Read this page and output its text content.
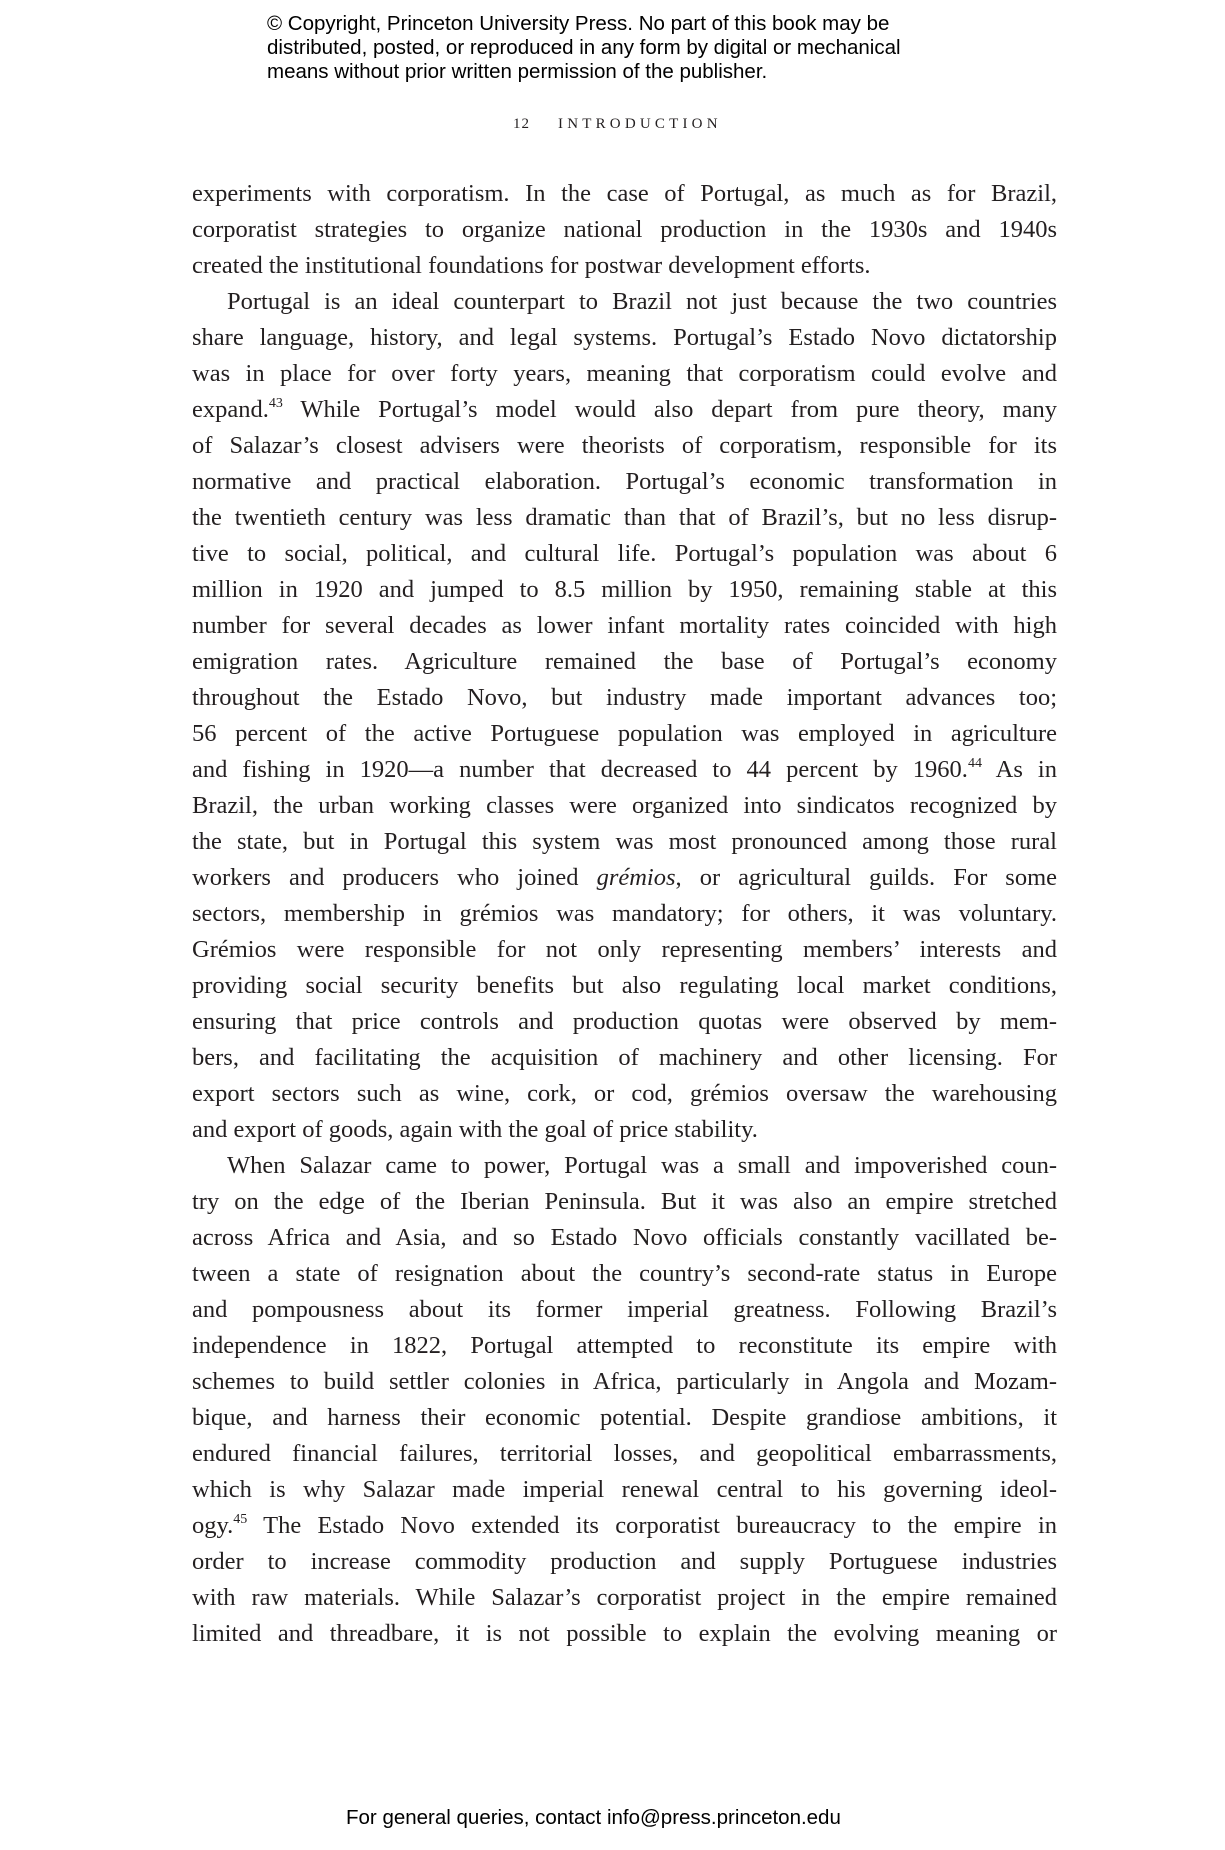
© Copyright, Princeton University Press. No part of this book may be
distributed, posted, or reproduced in any form by digital or mechanical
means without prior written permission of the publisher.
12 INTRODUCTION
experiments with corporatism. In the case of Portugal, as much as for Brazil,
corporatist strategies to organize national production in the 1930s and 1940s
created the institutional foundations for postwar development efforts.
Portugal is an ideal counterpart to Brazil not just because the two countries
share language, history, and legal systems. Portugal’s Estado Novo dictatorship
was in place for over forty years, meaning that corporatism could evolve and
expand.$^{43}$ While Portugal’s model would also depart from pure theory, many
of Salazar’s closest advisers were theorists of corporatism, responsible for its
normative and practical elaboration. Portugal’s economic transformation in
the twentieth century was less dramatic than that of Brazil’s, but no less disrup-
tive to social, political, and cultural life. Portugal’s population was about 6
million in 1920 and jumped to 8.5 million by 1950, remaining stable at this
number for several decades as lower infant mortality rates coincided with high
emigration rates. Agriculture remained the base of Portugal’s economy
throughout the Estado Novo, but industry made important advances too;
56 percent of the active Portuguese population was employed in agriculture
and fishing in 1920—a number that decreased to 44 percent by 1960.44 As in
Brazil, the urban working classes were organized into sindicatos recognized by
the state, but in Portugal this system was most pronounced among those rural
workers and producers who joined grémios, or agricultural guilds. For some
sectors, membership in grémios was mandatory; for others, it was voluntary.
Grémios were responsible for not only representing members’ interests and
providing social security benefits but also regulating local market conditions,
ensuring that price controls and production quotas were observed by mem-
bers, and facilitating the acquisition of machinery and other licensing. For
export sectors such as wine, cork, or cod, grémios oversaw the warehousing
and export of goods, again with the goal of price stability.
When Salazar came to power, Portugal was a small and impoverished coun-
try on the edge of the Iberian Peninsula. But it was also an empire stretched
across Africa and Asia, and so Estado Novo officials constantly vacillated be-
tween a state of resignation about the country’s second-rate status in Europe
and pompousness about its former imperial greatness. Following Brazil’s
independence in 1822, Portugal attempted to reconstitute its empire with
schemes to build settler colonies in Africa, particularly in Angola and Mozam-
bique, and harness their economic potential. Despite grandiose ambitions, it
endured financial failures, territorial losses, and geopolitical embarrassments,
which is why Salazar made imperial renewal central to his governing ideol-
ogy.$^{45}$ The Estado Novo extended its corporatist bureaucracy to the empire in
order to increase commodity production and supply Portuguese industries
with raw materials. While Salazar’s corporatist project in the empire remained
limited and threadbare, it is not possible to explain the evolving meaning or
For general queries, contact info@press.princeton.edu
